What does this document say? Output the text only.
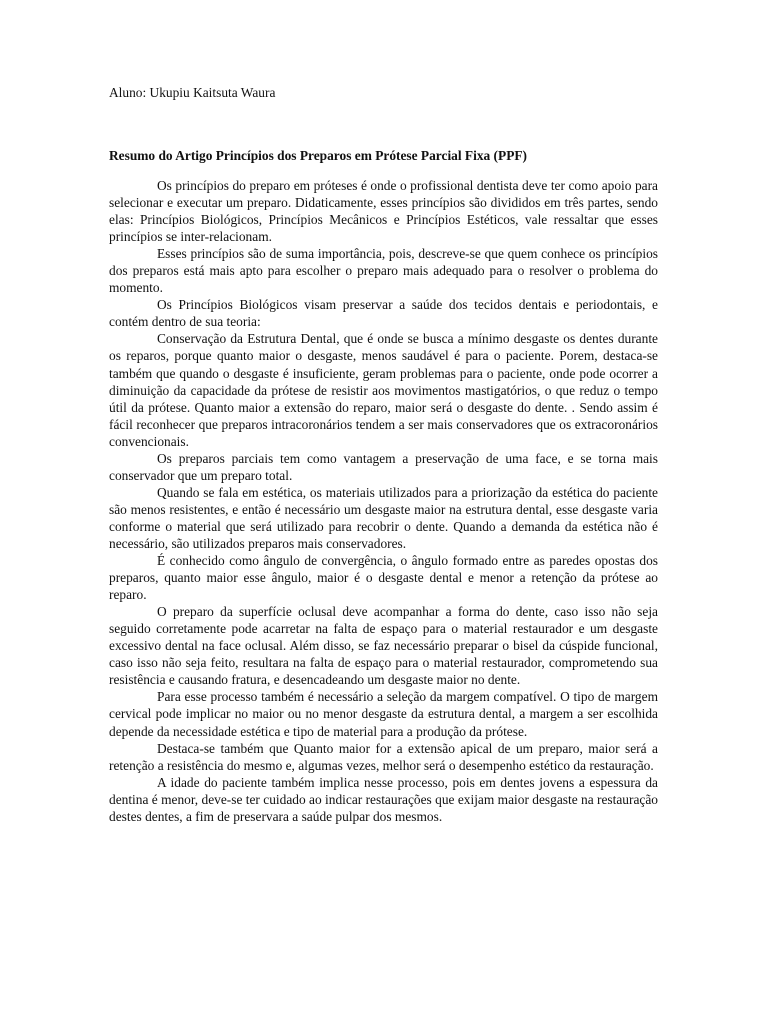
Aluno: Ukupiu Kaitsuta Waura

Resumo do Artigo Princípios dos Preparos em Prótese Parcial Fixa (PPF)

Os princípios do preparo em próteses é onde o profissional dentista deve ter como apoio para selecionar e executar um preparo. Didaticamente, esses princípios são divididos em três partes, sendo elas: Princípios Biológicos, Princípios Mecânicos e Princípios Estéticos, vale ressaltar que esses princípios se inter-relacionam.

Esses princípios são de suma importância, pois, descreve-se que quem conhece os princípios dos preparos está mais apto para escolher o preparo mais adequado para o resolver o problema do momento.

Os Princípios Biológicos visam preservar a saúde dos tecidos dentais e periodontais, e contém dentro de sua teoria:

Conservação da Estrutura Dental, que é onde se busca a mínimo desgaste os dentes durante os reparos, porque quanto maior o desgaste, menos saudável é para o paciente. Porem, destaca-se também que quando o desgaste é insuficiente, geram problemas para o paciente, onde pode ocorrer a diminuição da capacidade da prótese de resistir aos movimentos mastigatórios, o que reduz o tempo útil da prótese. Quanto maior a extensão do reparo, maior será o desgaste do dente. . Sendo assim é fácil reconhecer que preparos intracoronários tendem a ser mais conservadores que os extracoronários convencionais.

Os preparos parciais tem como vantagem a preservação de uma face, e se torna mais conservador que um preparo total.

Quando se fala em estética, os materiais utilizados para a priorização da estética do paciente são menos resistentes, e então é necessário um desgaste maior na estrutura dental, esse desgaste varia conforme o material que será utilizado para recobrir o dente. Quando a demanda da estética não é necessário, são utilizados preparos mais conservadores.

É conhecido como ângulo de convergência, o ângulo formado entre as paredes opostas dos preparos, quanto maior esse ângulo, maior é o desgaste dental e menor a retenção da prótese ao reparo.

O preparo da superfície oclusal deve acompanhar a forma do dente, caso isso não seja seguido corretamente pode acarretar na falta de espaço para o material restaurador e um desgaste excessivo dental na face oclusal. Além disso, se faz necessário preparar o bisel da cúspide funcional, caso isso não seja feito, resultara na falta de espaço para o material restaurador, comprometendo sua resistência e causando fratura, e desencadeando um desgaste maior no dente.

Para esse processo também é necessário a seleção da margem compatível. O tipo de margem cervical pode implicar no maior ou no menor desgaste da estrutura dental, a margem a ser escolhida depende da necessidade estética e tipo de material para a produção da prótese.

Destaca-se também que Quanto maior for a extensão apical de um preparo, maior será a retenção a resistência do mesmo e, algumas vezes, melhor será o desempenho estético da restauração.

A idade do paciente também implica nesse processo, pois em dentes jovens a espessura da dentina é menor, deve-se ter cuidado ao indicar restaurações que exijam maior desgaste na restauração destes dentes, a fim de preservara a saúde pulpar dos mesmos.
